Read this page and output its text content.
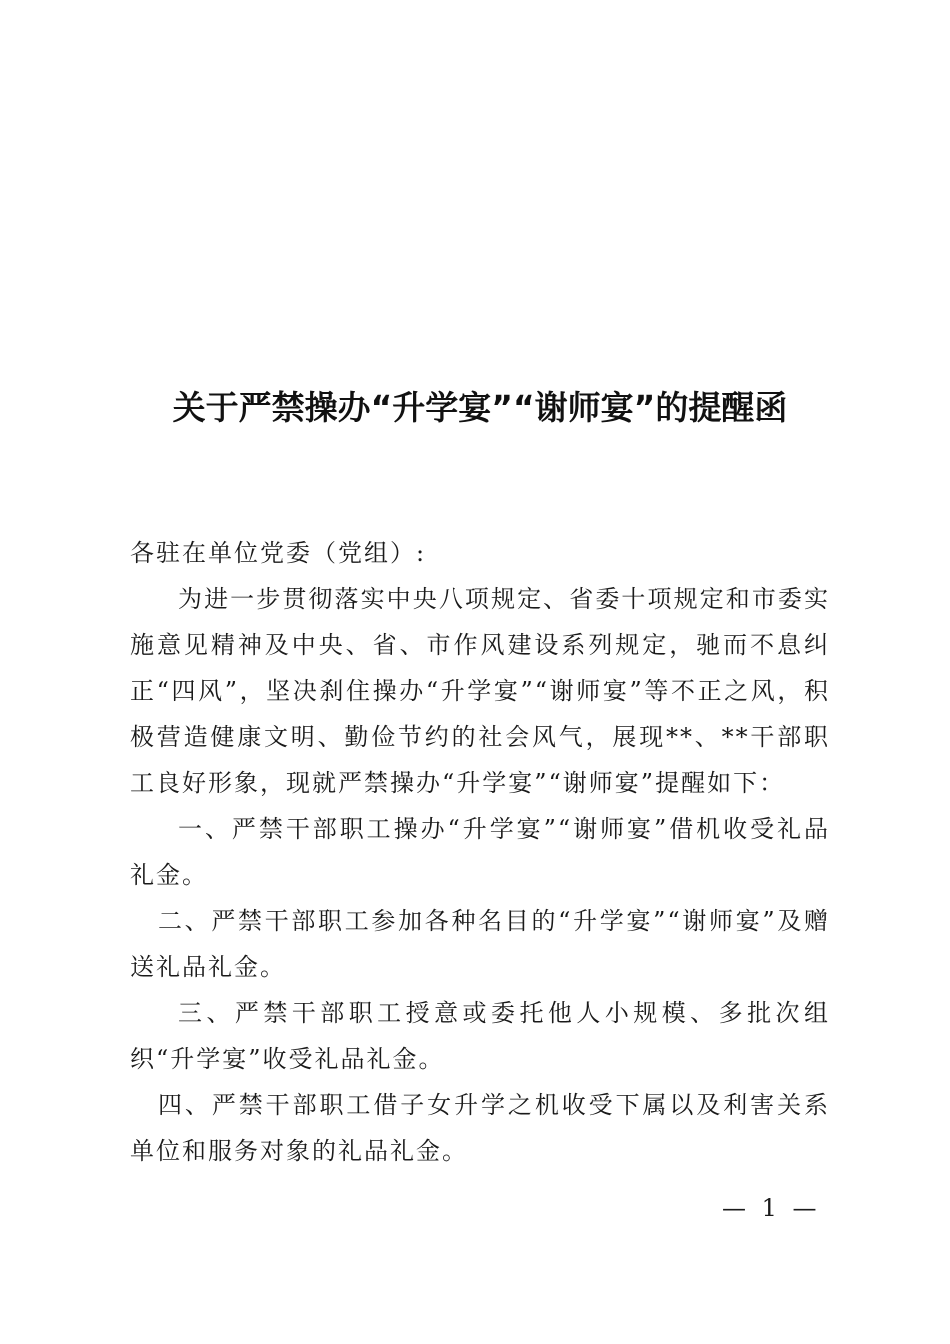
关于严禁操办“升学宴”“谢师宴”的提醒函

各驻在单位党委（党组）:

为进一步贯彻落实中央八项规定、省委十项规定和市委实施意见精神及中央、省、市作风建设系列规定，驰而不息纠正“四风”，坚决刹住操办“升学宴”“谢师宴”等不正之风，积极营造健康文明、勤俭节约的社会风气，展现**、**干部职工良好形象，现就严禁操办“升学宴”“谢师宴”提醒如下：

一、严禁干部职工操办“升学宴”“谢师宴”借机收受礼品礼金。

二、严禁干部职工参加各种名目的“升学宴”“谢师宴”及赠送礼品礼金。

三、严禁干部职工授意或委托他人小规模、多批次组织“升学宴”收受礼品礼金。

四、严禁干部职工借子女升学之机收受下属以及利害关系单位和服务对象的礼品礼金。

— 1 —
